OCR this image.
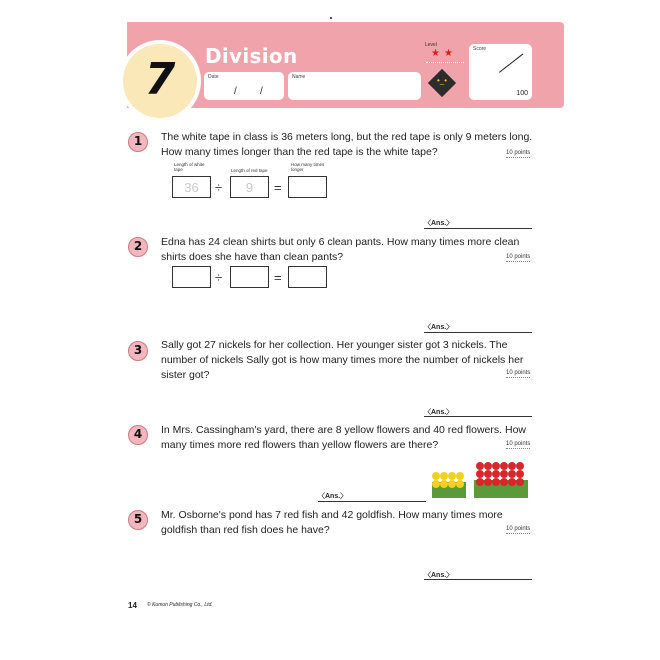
7	Division
Date
/ /
Name
Level
★ ★
•_•
Score
100
1	The white tape in class is 36 meters long, but the red tape is only 9 meters long. How many times longer than the red tape is the white tape?	10 points
Length of white tape	Length of red tape
How many times longer
36	÷	9	=
〈Ans.〉
2	Edna has 24 clean shirts but only 6 clean pants. How many times more clean shirts does she have than clean pants?	10 points
÷	=
〈Ans.〉
3	Sally got 27 nickels for her collection. Her younger sister got 3 nickels. The number of nickels Sally got is how many times more the number of nickels her sister got?	10 points
〈Ans.〉
4	In Mrs. Cassingham's yard, there are 8 yellow flowers and 40 red flowers. How many times more red flowers than yellow flowers are there?	10 points
〈Ans.〉
5	Mr. Osborne's pond has 7 red fish and 42 goldfish. How many times more goldfish than red fish does he have?	10 points
〈Ans.〉
14 © Kumon Publishing Co., Ltd.
